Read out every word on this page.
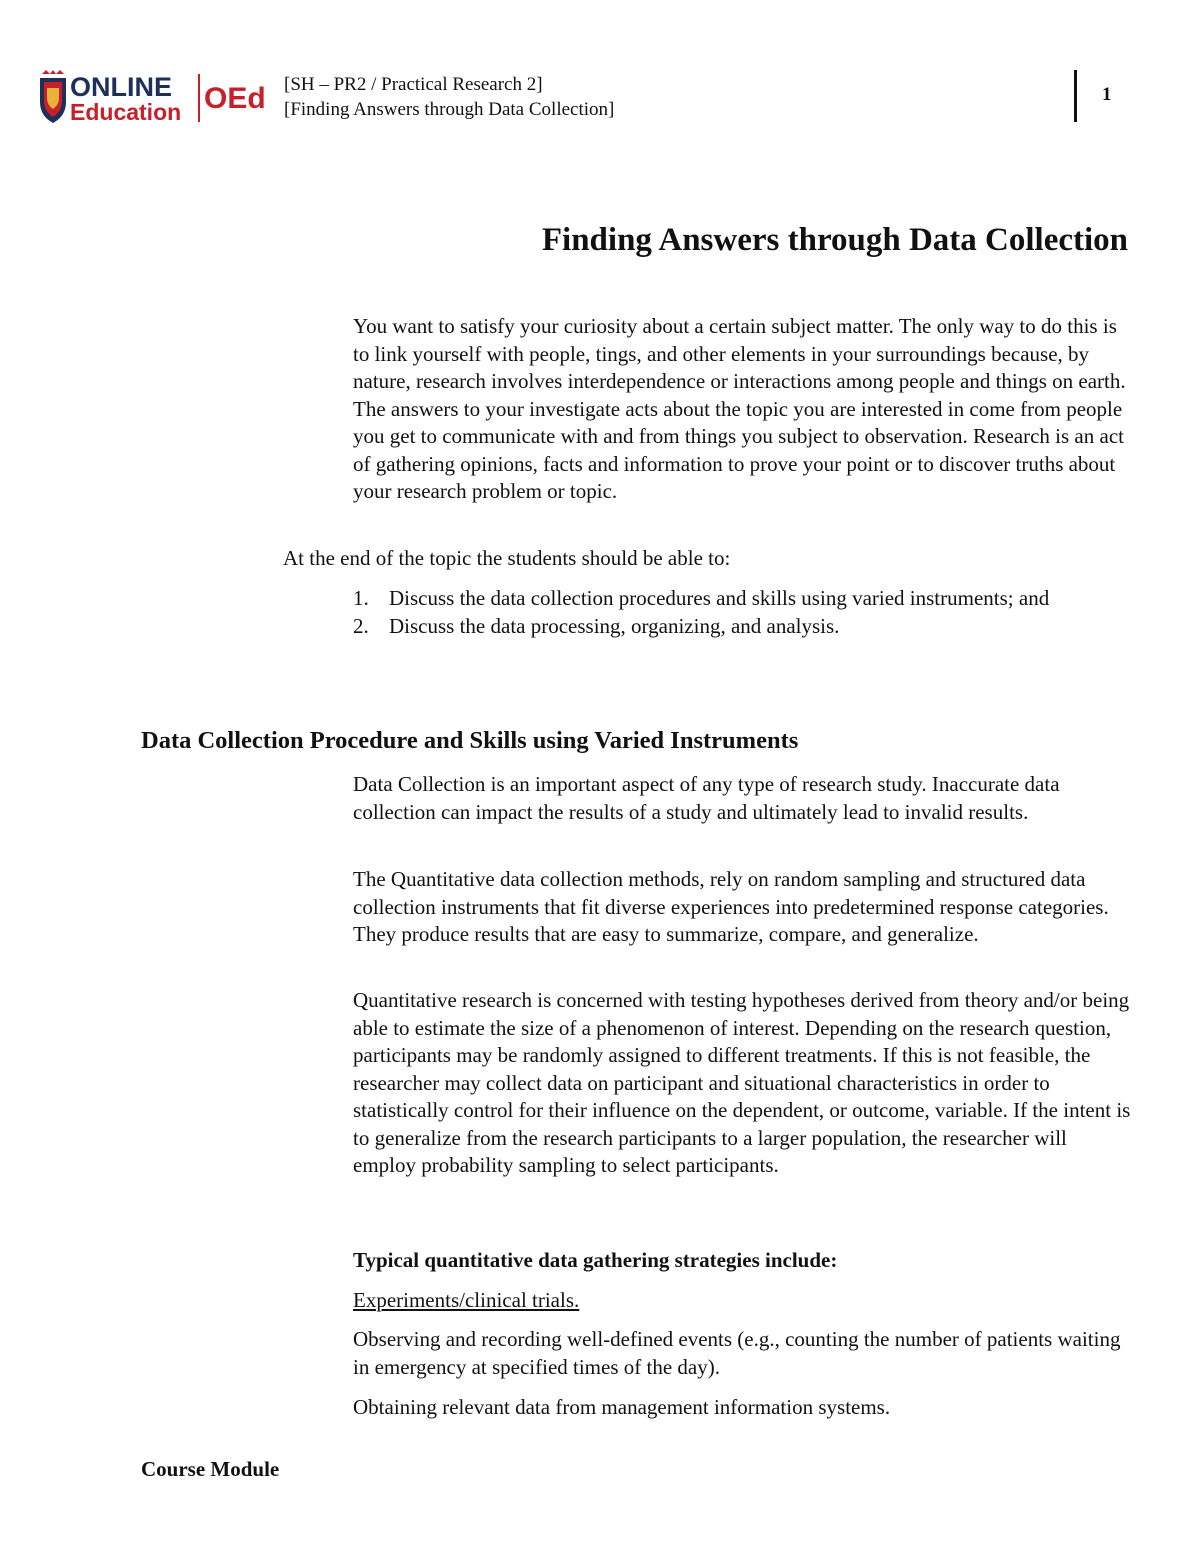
ONLINE
Education OEd [SH – PR2 / Practical Research 2]
[Finding Answers through Data Collection]
1
Finding Answers through Data Collection
You want to satisfy your curiosity about a certain subject matter. The only way to do this is to link yourself with people, tings, and other elements in your surroundings because, by nature, research involves interdependence or interactions among people and things on earth. The answers to your investigate acts about the topic you are interested in come from people you get to communicate with and from things you subject to observation. Research is an act of gathering opinions, facts and information to prove your point or to discover truths about your research problem or topic.
At the end of the topic the students should be able to:
1. Discuss the data collection procedures and skills using varied instruments; and
2. Discuss the data processing, organizing, and analysis.
Data Collection Procedure and Skills using Varied Instruments
Data Collection is an important aspect of any type of research study. Inaccurate data collection can impact the results of a study and ultimately lead to invalid results.
The Quantitative data collection methods, rely on random sampling and structured data collection instruments that fit diverse experiences into predetermined response categories. They produce results that are easy to summarize, compare, and generalize.
Quantitative research is concerned with testing hypotheses derived from theory and/or being able to estimate the size of a phenomenon of interest. Depending on the research question, participants may be randomly assigned to different treatments. If this is not feasible, the researcher may collect data on participant and situational characteristics in order to statistically control for their influence on the dependent, or outcome, variable. If the intent is to generalize from the research participants to a larger population, the researcher will employ probability sampling to select participants.
Typical quantitative data gathering strategies include:
Experiments/clinical trials.
Observing and recording well-defined events (e.g., counting the number of patients waiting in emergency at specified times of the day).
Obtaining relevant data from management information systems.
Course Module
